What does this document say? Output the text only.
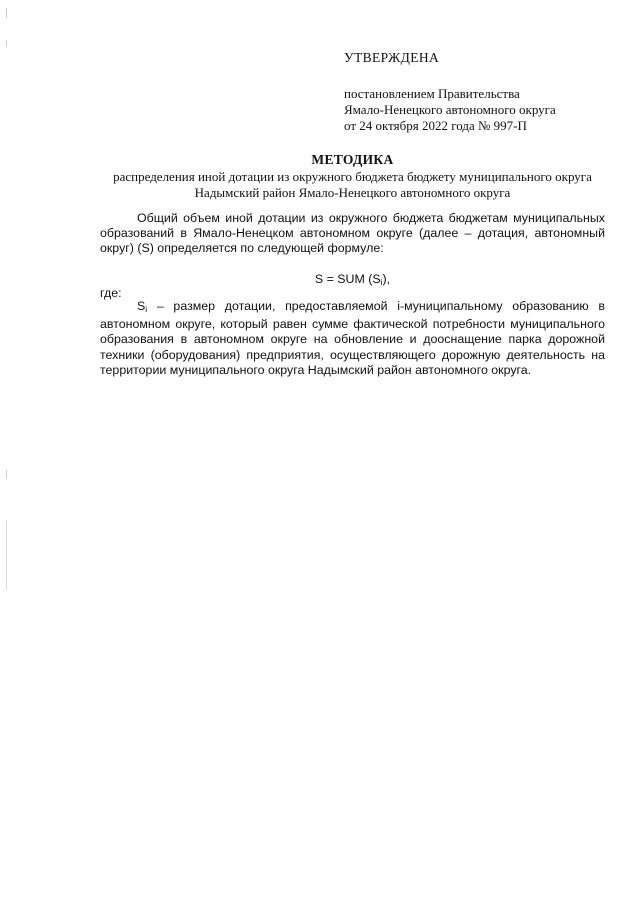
УТВЕРЖДЕНА
постановлением Правительства
Ямало-Ненецкого автономного округа
от 24 октября 2022 года № 997-П
МЕТОДИКА
распределения иной дотации из окружного бюджета бюджету муниципального округа Надымский район Ямало-Ненецкого автономного округа
Общий объем иной дотации из окружного бюджета бюджетам муниципальных образований в Ямало-Ненецком автономном округе (далее – дотация, автономный округ) (S) определяется по следующей формуле:
S = SUM $(S_i)$,
где:
$S_i$ – размер дотации, предоставляемой i-муниципальному образованию в автономном округе, который равен сумме фактической потребности муниципального образования в автономном округе на обновление и дооснащение парка дорожной техники (оборудования) предприятия, осуществляющего дорожную деятельность на территории муниципального округа Надымский район автономного округа.
